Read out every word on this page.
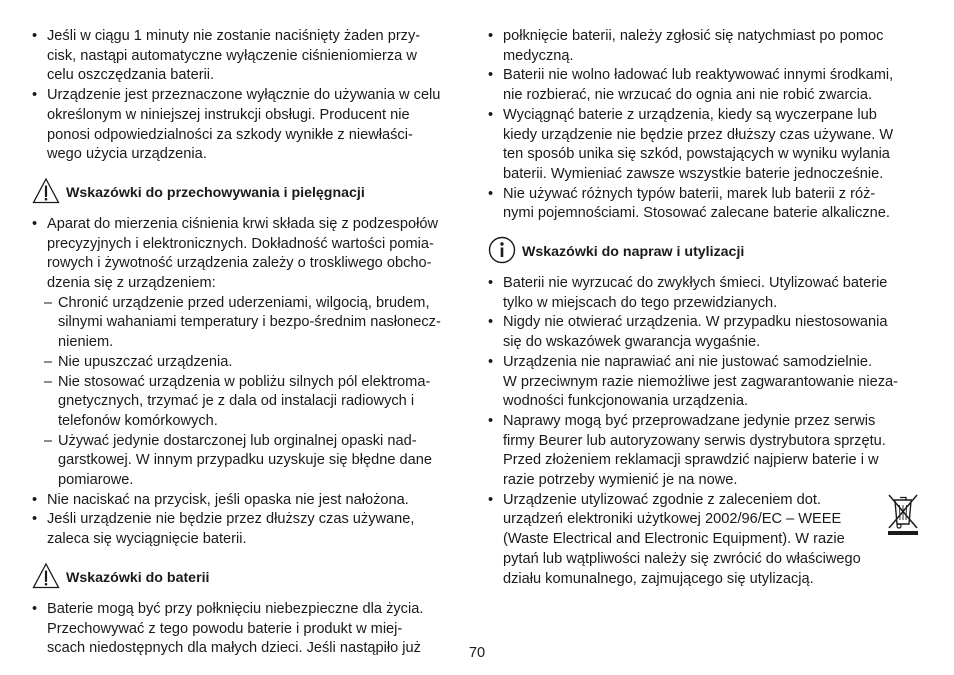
• Jeśli w ciągu 1 minuty nie zostanie naciśnięty żaden przy-
cisk, nastąpi automatyczne wyłączenie ciśnieniomierza w
celu oszczędzania baterii.
• Urządzenie jest przeznaczone wyłącznie do używania w celu
określonym w niniejszej instrukcji obsługi. Producent nie
ponosi odpowiedzialności za szkody wynikłe z niewłaści-
wego użycia urządzenia.
Wskazówki do przechowywania i pielęgnacji
• Aparat do mierzenia ciśnienia krwi składa się z podzespołów
precyzyjnych i elektronicznych. Dokładność wartości pomia-
rowych i żywotność urządzenia zależy o troskliwego obcho-
dzenia się z urządzeniem:
– Chronić urządzenie przed uderzeniami, wilgocią, brudem,
silnymi wahaniami temperatury i bezpo-średnim nasłonecz-
nieniem.
– Nie upuszczać urządzenia.
– Nie stosować urządzenia w pobliżu silnych pól elektroma-
gnetycznych, trzymać je z dala od instalacji radiowych i
telefonów komórkowych.
– Używać jedynie dostarczonej lub orginalnej opaski nad-
garstkowej. W innym przypadku uzyskuje się błędne dane
pomiarowe.
• Nie naciskać na przycisk, jeśli opaska nie jest nałożona.
• Jeśli urządzenie nie będzie przez dłuższy czas używane,
zaleca się wyciągnięcie baterii.
Wskazówki do baterii
• Baterie mogą być przy połknięciu niebezpieczne dla życia.
Przechowywać z tego powodu baterie i produkt w miej-
scach niedostępnych dla małych dzieci. Jeśli nastąpiło już
• połknięcie baterii, należy zgłosić się natychmiast po pomoc
medyczną.
• Baterii nie wolno ładować lub reaktywować innymi środkami,
nie rozbierać, nie wrzucać do ognia ani nie robić zwarcia.
• Wyciągnąć baterie z urządzenia, kiedy są wyczerpane lub
kiedy urządzenie nie będzie przez dłuższy czas używane. W
ten sposób unika się szkód, powstających w wyniku wylania
baterii. Wymieniać zawsze wszystkie baterie jednocześnie.
• Nie używać różnych typów baterii, marek lub baterii z róż-
nymi pojemnościami. Stosować zalecane baterie alkaliczne.
Wskazówki do napraw i utylizacji
• Baterii nie wyrzucać do zwykłych śmieci. Utylizować baterie
tylko w miejscach do tego przewidzianych.
• Nigdy nie otwierać urządzenia. W przypadku niestosowania
się do wskazówek gwarancja wygaśnie.
• Urządzenia nie naprawiać ani nie justować samodzielnie.
W przeciwnym razie niemożliwe jest zagwarantowanie nieza-
wodności funkcjonowania urządzenia.
• Naprawy mogą być przeprowadzane jedynie przez serwis
firmy Beurer lub autoryzowany serwis dystrybutora sprzętu.
Przed złożeniem reklamacji sprawdzić najpierw baterie i w
razie potrzeby wymienić je na nowe.
• Urządzenie utylizować zgodnie z zaleceniem dot.
urządzeń elektroniki użytkowej 2002/96/EC – WEEE
(Waste Electrical and Electronic Equipment). W razie
pytań lub wątpliwości należy się zwrócić do właściwego
działu komunalnego, zajmującego się utylizacją.
70
